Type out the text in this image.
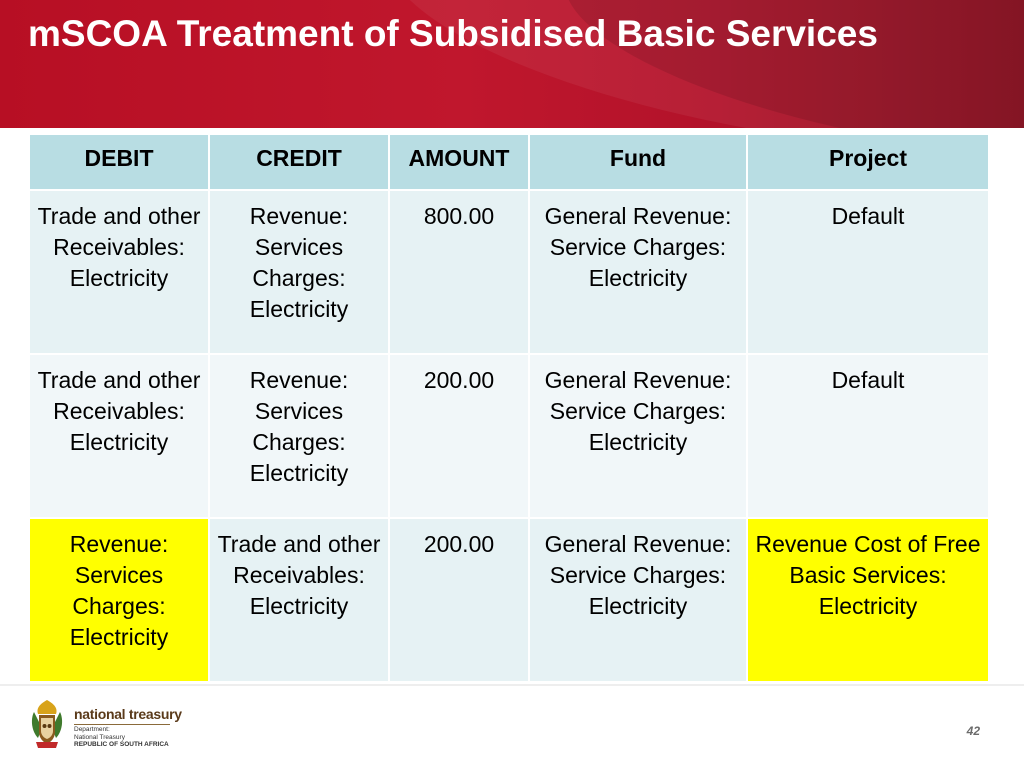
mSCOA Treatment of Subsidised Basic Services
DEBIT	CREDIT	AMOUNT	Fund	Project
Trade and other Receivables: Electricity	Revenue: Services Charges: Electricity	800.00	General Revenue: Service Charges: Electricity	Default
Trade and other Receivables: Electricity	Revenue: Services Charges: Electricity	200.00	General Revenue: Service Charges: Electricity	Default
Revenue: Services Charges: Electricity	Trade and other Receivables: Electricity	200.00	General Revenue: Service Charges: Electricity	Revenue Cost of Free Basic Services: Electricity
national treasury
Department:
National Treasury
REPUBLIC OF SOUTH AFRICA
42
